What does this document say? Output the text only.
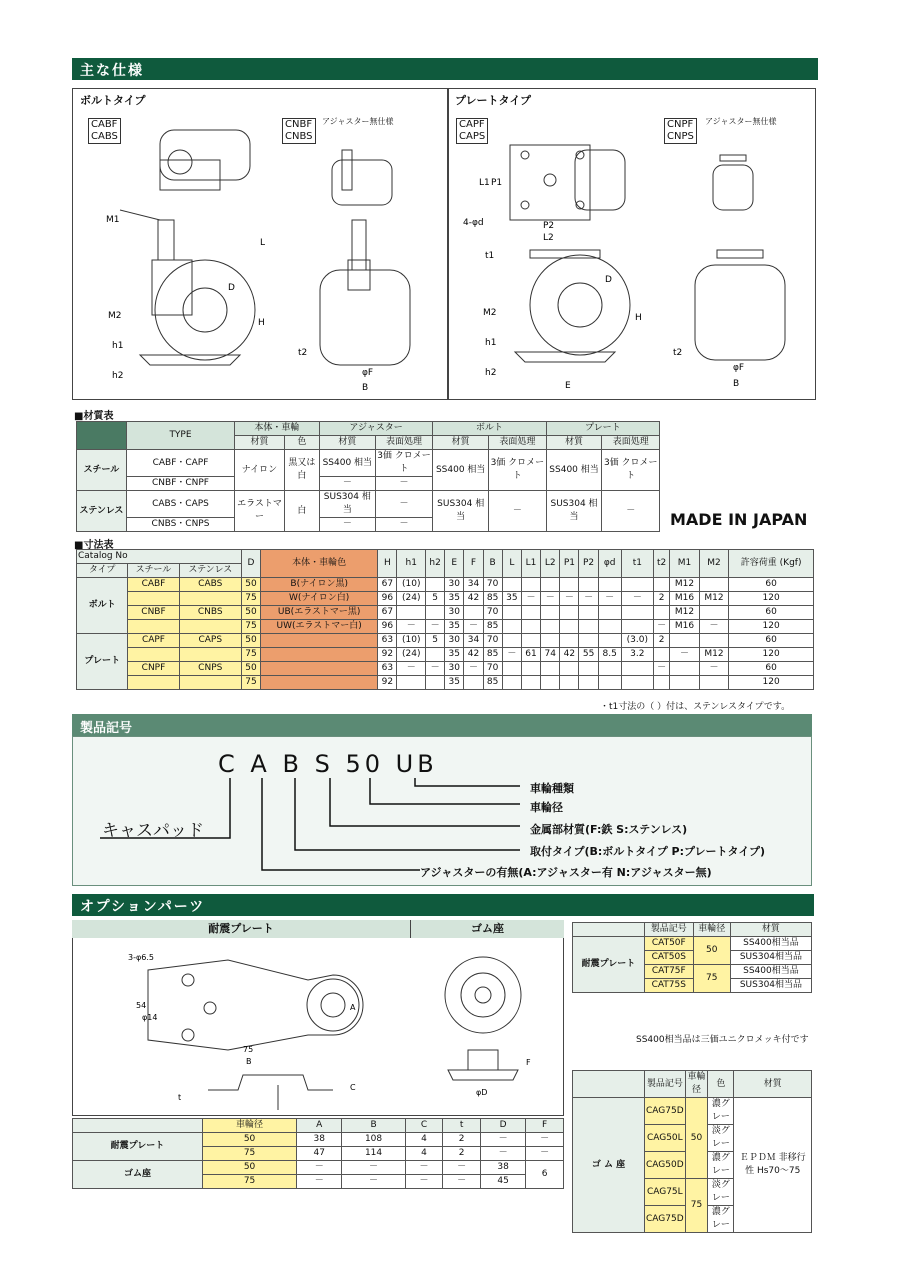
主な仕様
ボルトタイプ
CABF
CABS
CNBF
CNBS
アジャスター無仕様
M1
M2
L
H
h1
h2
D
t2
φF
B
プレートタイプ
CAPF
CAPS
CNPF
CNPS
アジャスター無仕様
L1 P1
4-φd	P2
L2
t1
M2	H
h1
h2
E
D
t2
φF
B
■材質表
	TYPE	本体・車輪		アジャスター		ボルト		プレート	
		材質	色	材質	表面処理	材質	表面処理	材質	表面処理
スチール	CABF・CAPF	ナイロン	黒又は白	SS400 相当	3価 クロメート	SS400 相当	3価 クロメート	SS400 相当	3価 クロメート
	CNBF・CNPF			－	－				
ステンレス	CABS・CAPS	エラストマー	白	SUS304 相当	－	SUS304 相当	－	SUS304 相当	－
	CNBS・CNPS			－	－					MADE IN JAPAN
■寸法表
Catalog No			D	本体・車輪色	H	h1	h2	E	F	B	L	L1	L2	P1	P2	φd	t1	t2	M1	M2	許容荷重 (Kgf)
タイプ	スチール	ステンレス																			
ボルト	CABF	CABS	50	B(ナイロン黒)	67	(10)		30	34	70									M12		60
			75	W(ナイロン白)	96	(24)	5	35	42	85	35	－	－	－	－	－	－	2	M16	M12	120
	CNBF	CNBS	50	UB(エラストマー黒)	67			30		70									M12		60
			75	UW(エラストマー白)	96	－	－	35	－	85								－	M16	－	120
プレート	CAPF	CAPS	50		63	(10)	5	30	34	70							(3.0)	2			60
			75		92	(24)		35	42	85	－	61	74	42	55	8.5	3.2		－	M12	120
	CNPF	CNPS	50		63	－	－	30	－	70								－		－	60
			75		92			35		85											120
・t1寸法の（ ）付は、ステンレスタイプです。
製品記号
C A B S 50 UB
キャスパッド
車輪種類
車輪径
金属部材質(F:鉄 S:ステンレス)
取付タイプ(B:ボルトタイプ P:プレートタイプ)
アジャスターの有無(A:アジャスター有 N:アジャスター無)
オプションパーツ
耐震プレート	ゴム座
3-φ6.5
54
φ14
75
B
A
C
t
F
φD
	車輪径	A	B	C	t	D	F
耐震プレート	50	38	108	4	2	－	－
	75	47	114	4	2	－	－
ゴム座	50	－	－	－	－	38	6
	75	－	－	－	－	45	
	製品記号	車輪径	材質
耐震プレート	CAT50F	50	SS400相当品
	CAT50S		SUS304相当品
	CAT75F	75	SS400相当品
	CAT75S		SUS304相当品
SS400相当品は三価ユニクロメッキ付です
	製品記号	車輪径	色	材質
ゴ ム 座	CAG75D	50	濃グレー	ＥＰＤＭ 非移行性 Hs70～75
	CAG50L		淡グレー	
	CAG50D		濃グレー	
	CAG75L	75	淡グレー	
	CAG75D		濃グレー	
